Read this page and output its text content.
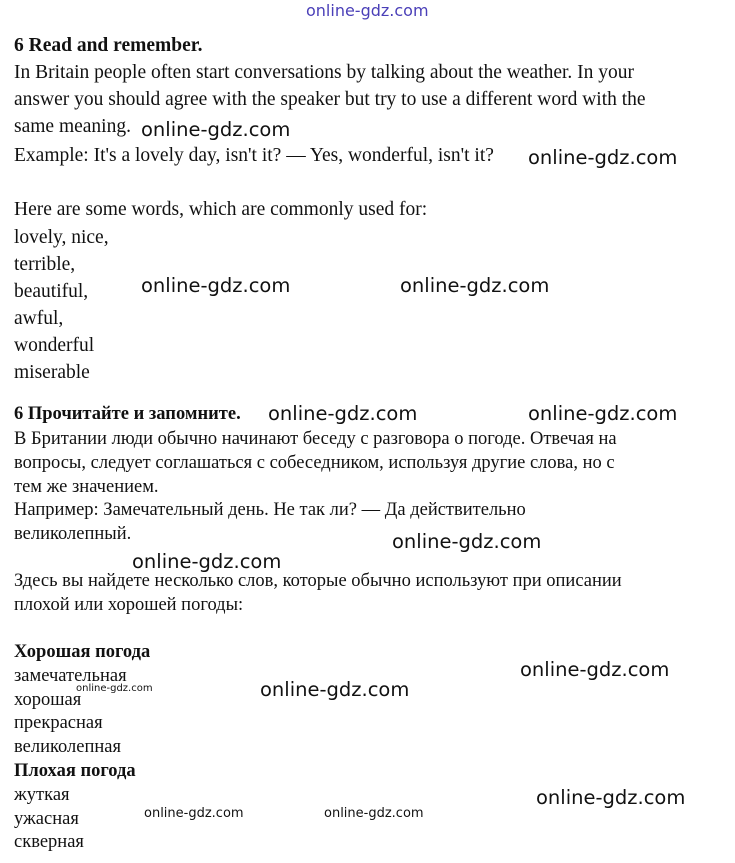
online-gdz.com
6 Read and remember.
In Britain people often start conversations by talking about the weather. In your
answer you should agree with the speaker but try to use a different word with the
same meaning.
Example: It's a lovely day, isn't it? — Yes, wonderful, isn't it?
Here are some words, which are commonly used for:
lovely, nice,
terrible,
beautiful,
awful,
wonderful
miserable
6 Прочитайте и запомните.
В Британии люди обычно начинают беседу с разговора о погоде. Отвечая на
вопросы, следует соглашаться с собеседником, используя другие слова, но с
тем же значением.
Например: Замечательный день. Не так ли? — Да действительно
великолепный.
Здесь вы найдете несколько слов, которые обычно используют при описании
плохой или хорошей погоды:
Хорошая погода
замечательная
хорошая
прекрасная
великолепная
Плохая погода
жуткая
ужасная
скверная
online-gdz.com
online-gdz.com
online-gdz.com	online-gdz.com
online-gdz.com	online-gdz.com
online-gdz.com
online-gdz.com
online-gdz.com
online-gdz.com
online-gdz.com
online-gdz.com
online-gdz.com	online-gdz.com
